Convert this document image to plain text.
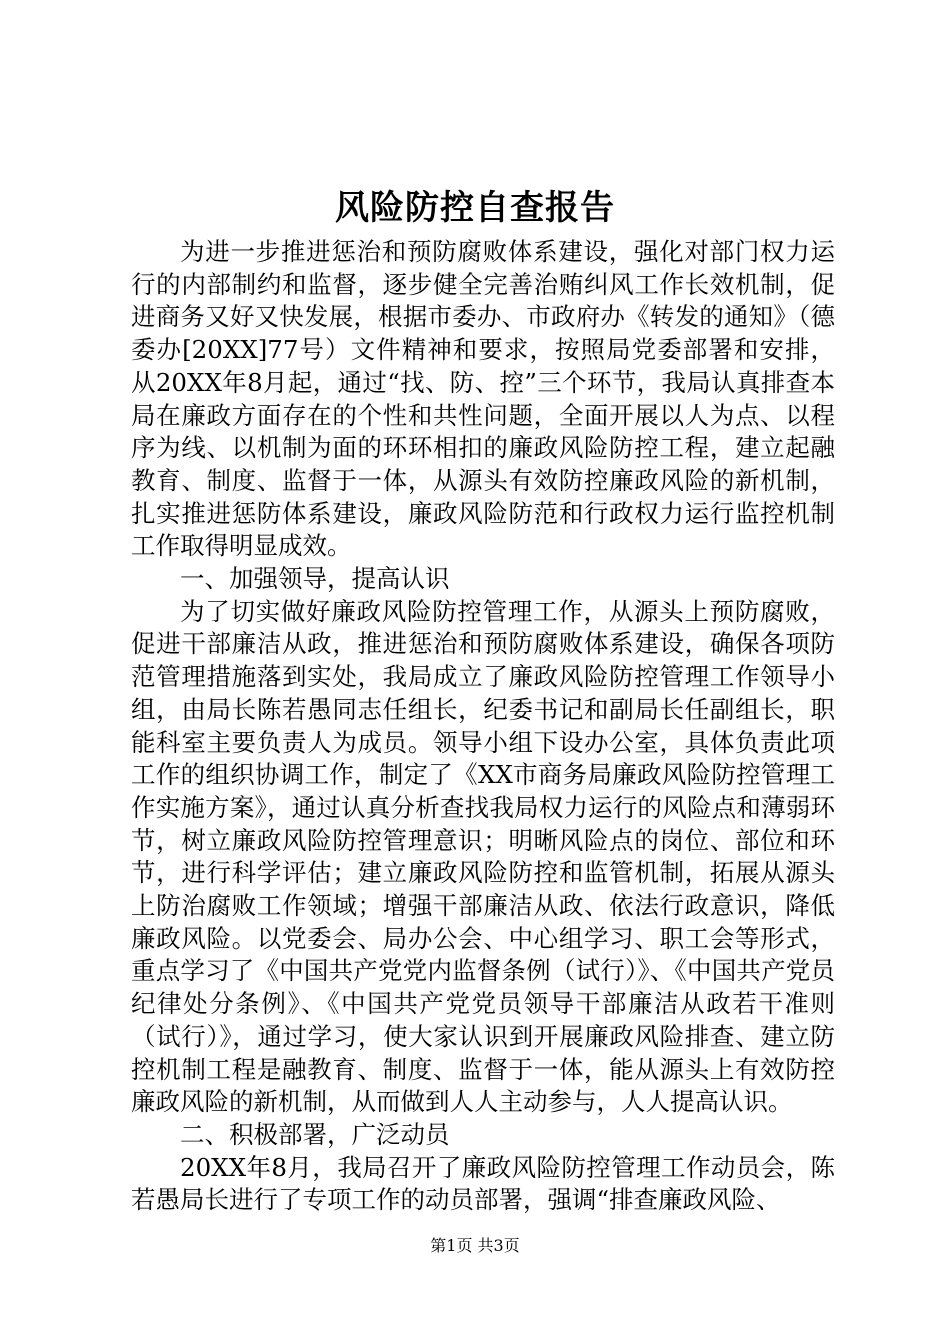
风险防控自查报告

为进一步推进惩治和预防腐败体系建设，强化对部门权力运行的内部制约和监督，逐步健全完善治贿纠风工作长效机制，促进商务又好又快发展，根据市委办、市政府办《转发的通知》（德委办[20XX]77号）文件精神和要求，按照局党委部署和安排，从20XX年8月起，通过“找、防、控”三个环节，我局认真排查本局在廉政方面存在的个性和共性问题，全面开展以人为点、以程序为线、以机制为面的环环相扣的廉政风险防控工程，建立起融教育、制度、监督于一体，从源头有效防控廉政风险的新机制，扎实推进惩防体系建设，廉政风险防范和行政权力运行监控机制工作取得明显成效。

一、加强领导，提高认识

为了切实做好廉政风险防控管理工作，从源头上预防腐败，促进干部廉洁从政，推进惩治和预防腐败体系建设，确保各项防范管理措施落到实处，我局成立了廉政风险防控管理工作领导小组，由局长陈若愚同志任组长，纪委书记和副局长任副组长，职能科室主要负责人为成员。领导小组下设办公室，具体负责此项工作的组织协调工作，制定了《XX市商务局廉政风险防控管理工作实施方案》，通过认真分析查找我局权力运行的风险点和薄弱环节，树立廉政风险防控管理意识；明晰风险点的岗位、部位和环节，进行科学评估；建立廉政风险防控和监管机制，拓展从源头上防治腐败工作领域；增强干部廉洁从政、依法行政意识，降低廉政风险。以党委会、局办公会、中心组学习、职工会等形式，重点学习了《中国共产党党内监督条例（试行）》、《中国共产党员纪律处分条例》、《中国共产党党员领导干部廉洁从政若干准则（试行）》，通过学习，使大家认识到开展廉政风险排查、建立防控机制工程是融教育、制度、监督于一体，能从源头上有效防控廉政风险的新机制，从而做到人人主动参与，人人提高认识。

二、积极部署，广泛动员

20XX年8月，我局召开了廉政风险防控管理工作动员会，陈若愚局长进行了专项工作的动员部署，强调“排查廉政风险、

第1页 共3页
